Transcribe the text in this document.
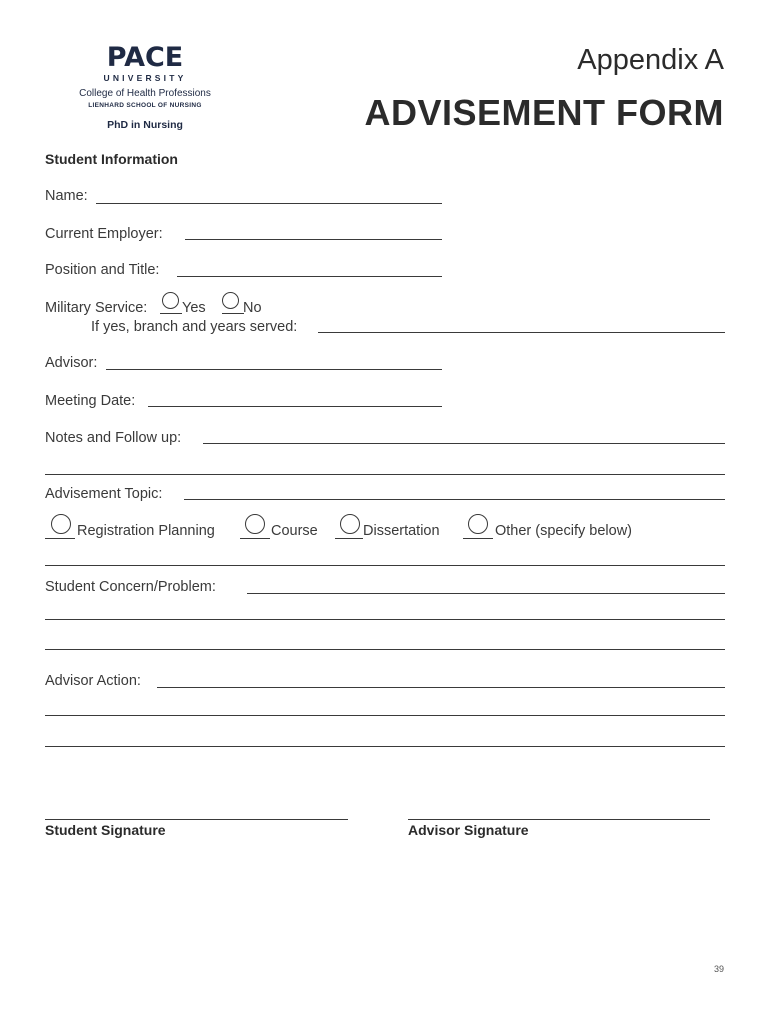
PACE
UNIVERSITY
College of Health Professions
LIENHARD SCHOOL OF NURSING
PhD in Nursing
Appendix A
ADVISEMENT FORM
Student Information
Name:
Current Employer:
Position and Title:
Military Service: Yes	No
If yes, branch and years served:
Advisor:
Meeting Date:
Notes and Follow up:
Advisement Topic:
Registration Planning	Course	Dissertation	Other (specify below)
Student Concern/Problem:
Advisor Action:
Student Signature	Advisor Signature
39
